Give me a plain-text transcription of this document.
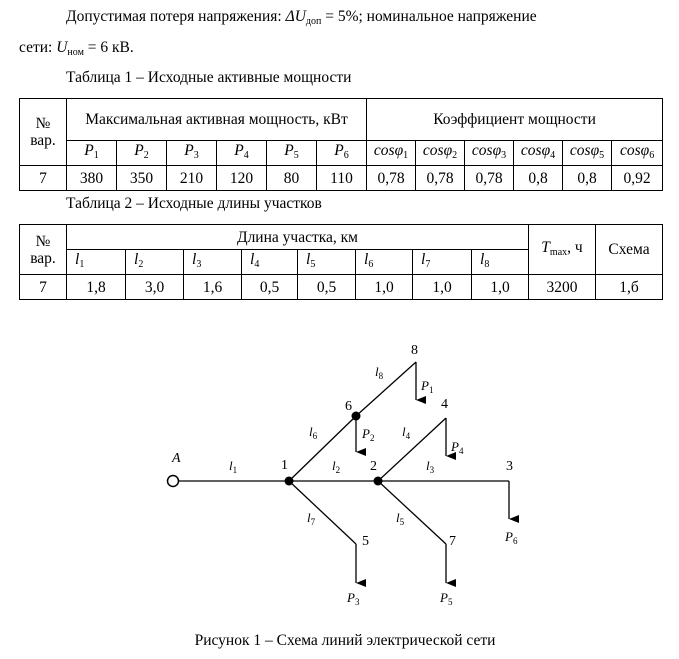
Допустимая потеря напряжения: $\Delta U_{доп} = 5\%$; номинальное напряжение
сети: $U_{ном} = 6$ кВ.
Таблица 1 – Исходные активные мощности
№
вар.	Максимальная активная мощность, кВт						Коэффициент мощности					
	$P_1$	$P_2$	$P_3$	$P_4$	$P_5$	$P_6$	cosφ$_1$	cosφ$_2$	cosφ$_3$	cosφ$_4$	cosφ$_5$	cosφ$_6$
7	380	350	210	120	80	110	0,78	0,78	0,78	0,8	0,8	0,92
Таблица 2 – Исходные длины участков
№
вар.	Длина участка, км								$T_{max}$, ч	Схема
	$l_1$	$l_2$	$l_3$	$l_4$	$l_5$	$l_6$	$l_7$	$l_8$
7	1,8	3,0	1,6	0,5	0,5	1,0	1,0	1,0	3200	1,б
A	1	2	3
4
5
6
7
8
$l_1$	$l_2$	$l_3$
$l_4$
$l_5$
$l_6$
$l_7$
$l_8$
$P_1$
$P_2$
$P_3$
$P_4$
$P_5$
$P_6$
Рисунок 1 – Схема линий электрической сети
